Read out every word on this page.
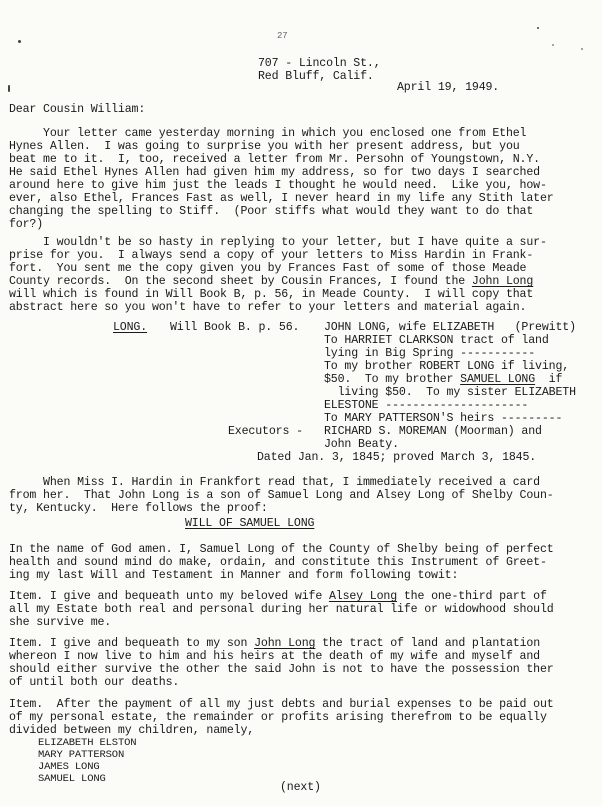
27
707 - Lincoln St.,
Red Bluff, Calif.
April 19, 1949.
Dear Cousin William:
Your letter came yesterday morning in which you enclosed one from Ethel
Hynes Allen.  I was going to surprise you with her present address, but you
beat me to it.  I, too, received a letter from Mr. Persohn of Youngstown, N.Y.
He said Ethel Hynes Allen had given him my address, so for two days I searched
around here to give him just the leads I thought he would need.  Like you, how-
ever, also Ethel, Frances Fast as well, I never heard in my life any Stith later
changing the spelling to Stiff.  (Poor stiffs what would they want to do that
for?)
I wouldn't be so hasty in replying to your letter, but I have quite a sur-
prise for you.  I always send a copy of your letters to Miss Hardin in Frank-
fort.  You sent me the copy given you by Frances Fast of some of those Meade
County records.  On the second sheet by Cousin Frances, I found the John Long
will which is found in Will Book B, p. 56, in Meade County.  I will copy that
abstract here so you won't have to refer to your letters and material again.
LONG. Will Book B. p. 56. JOHN LONG, wife ELIZABETH   (Prewitt)
To HARRIET CLARKSON tract of land
lying in Big Spring -----------
To my brother ROBERT LONG if living,
$50.  To my brother SAMUEL LONG  if
living $50.  To my sister ELIZABETH
ELESTONE ---------------------
To MARY PATTERSON'S heirs ---------
RICHARD S. MOREMAN (Moorman) and
John Beaty.
Executors -
Dated Jan. 3, 1845; proved March 3, 1845.
When Miss I. Hardin in Frankfort read that, I immediately received a card
from her.  That John Long is a son of Samuel Long and Alsey Long of Shelby Coun-
ty, Kentucky.  Here follows the proof:
WILL OF SAMUEL LONG
In the name of God amen. I, Samuel Long of the County of Shelby being of perfect
health and sound mind do make, ordain, and constitute this Instrument of Greet-
ing my last Will and Testament in Manner and form following towit:
Item. I give and bequeath unto my beloved wife Alsey Long the one-third part of
all my Estate both real and personal during her natural life or widowhood should
she survive me.
Item. I give and bequeath to my son John Long the tract of land and plantation
whereon I now live to him and his heirs at the death of my wife and myself and
should either survive the other the said John is not to have the possession ther
of until both our deaths.
Item.  After the payment of all my just debts and burial expenses to be paid out
of my personal estate, the remainder or profits arising therefrom to be equally
divided between my children, namely,
ELIZABETH ELSTON
MARY PATTERSON
JAMES LONG
SAMUEL LONG
(next)
